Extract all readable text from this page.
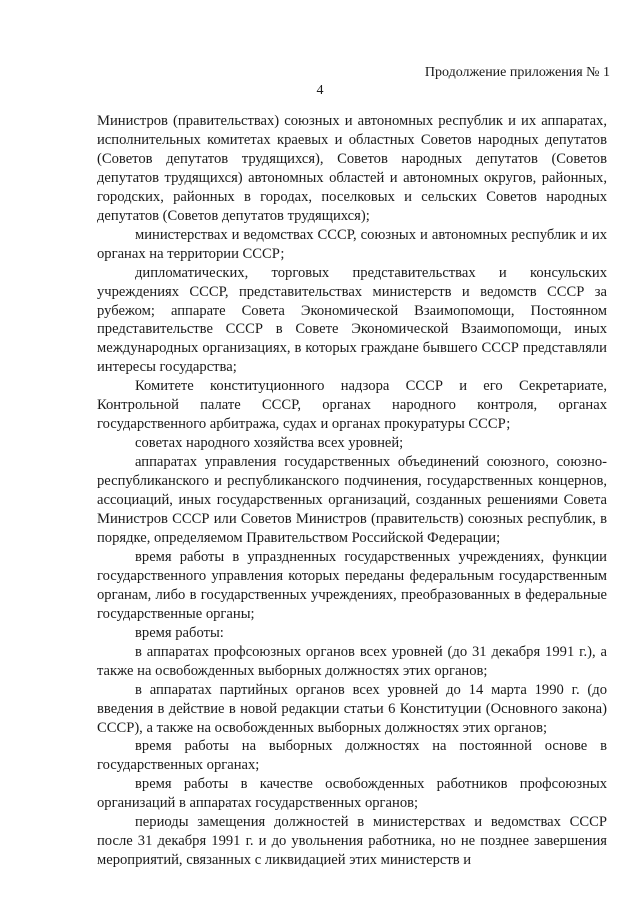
Продолжение приложения № 1
4

Министров (правительствах) союзных и автономных республик и их аппаратах, исполнительных комитетах краевых и областных Советов народных депутатов (Советов депутатов трудящихся), Советов народных депутатов (Советов депутатов трудящихся) автономных областей и автономных округов, районных, городских, районных в городах, поселковых и сельских Советов народных депутатов (Советов депутатов трудящихся);

министерствах и ведомствах СССР, союзных и автономных республик и их органах на территории СССР;

дипломатических, торговых представительствах и консульских учреждениях СССР, представительствах министерств и ведомств СССР за рубежом; аппарате Совета Экономической Взаимопомощи, Постоянном представительстве СССР в Совете Экономической Взаимопомощи, иных международных организациях, в которых граждане бывшего СССР представляли интересы государства;

Комитете конституционного надзора СССР и его Секретариате, Контрольной палате СССР, органах народного контроля, органах государственного арбитража, судах и органах прокуратуры СССР;

советах народного хозяйства всех уровней;

аппаратах управления государственных объединений союзного, союзно-республиканского и республиканского подчинения, государственных концернов, ассоциаций, иных государственных организаций, созданных решениями Совета Министров СССР или Советов Министров (правительств) союзных республик, в порядке, определяемом Правительством Российской Федерации;

время работы в упраздненных государственных учреждениях, функции государственного управления которых переданы федеральным государственным органам, либо в государственных учреждениях, преобразованных в федеральные государственные органы;

время работы:

в аппаратах профсоюзных органов всех уровней (до 31 декабря 1991 г.), а также на освобожденных выборных должностях этих органов;

в аппаратах партийных органов всех уровней до 14 марта 1990 г. (до введения в действие в новой редакции статьи 6 Конституции (Основного закона) СССР), а также на освобожденных выборных должностях этих органов;

время работы на выборных должностях на постоянной основе в государственных органах;

время работы в качестве освобожденных работников профсоюзных организаций в аппаратах государственных органов;

периоды замещения должностей в министерствах и ведомствах СССР после 31 декабря 1991 г. и до увольнения работника, но не позднее завершения мероприятий, связанных с ликвидацией этих министерств и
